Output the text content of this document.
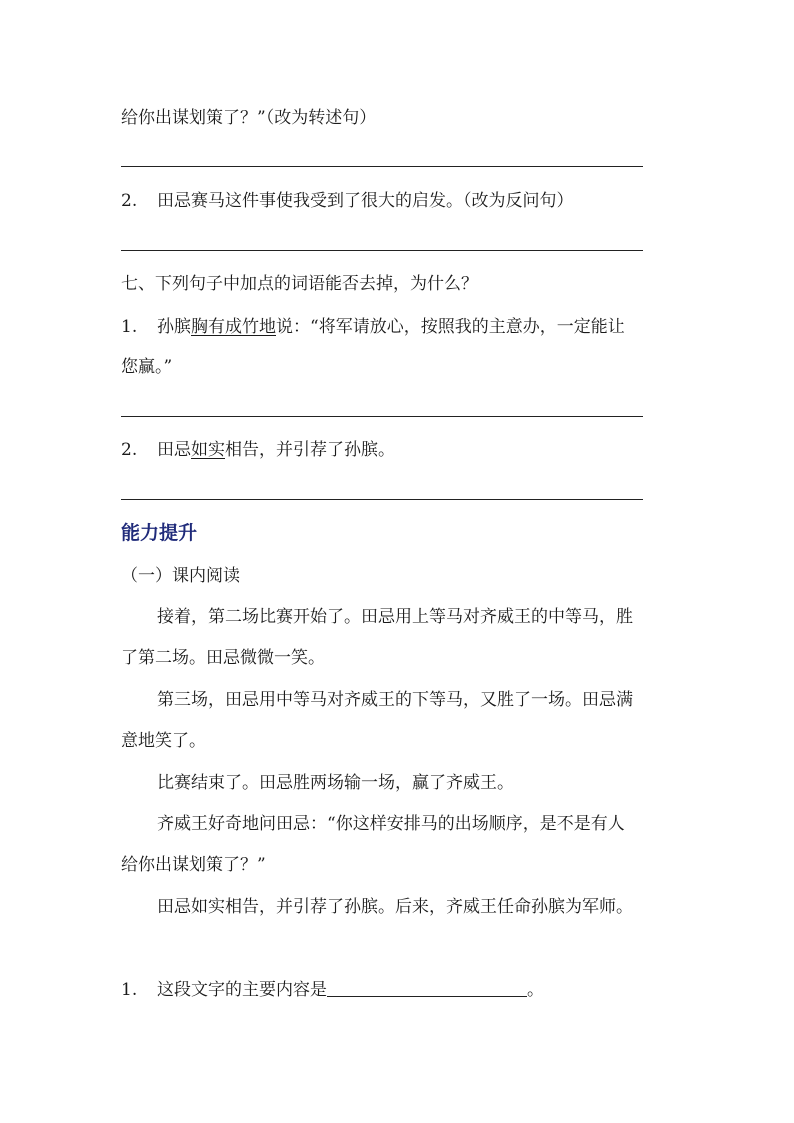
给你出谋划策了？”（改为转述句）
2. 田忌赛马这件事使我受到了很大的启发。（改为反问句）
七、下列句子中加点的词语能否去掉，为什么？
1. 孙膑胸有成竹地说：“将军请放心，按照我的主意办，一定能让
您赢。”
2. 田忌如实相告，并引荐了孙膑。
能力提升
（一）课内阅读
接着，第二场比赛开始了。田忌用上等马对齐威王的中等马，胜
了第二场。田忌微微一笑。
第三场，田忌用中等马对齐威王的下等马，又胜了一场。田忌满
意地笑了。
比赛结束了。田忌胜两场输一场，赢了齐威王。
齐威王好奇地问田忌：“你这样安排马的出场顺序，是不是有人
给你出谋划策了？”
田忌如实相告，并引荐了孙膑。后来，齐威王任命孙膑为军师。
1. 这段文字的主要内容是	。
